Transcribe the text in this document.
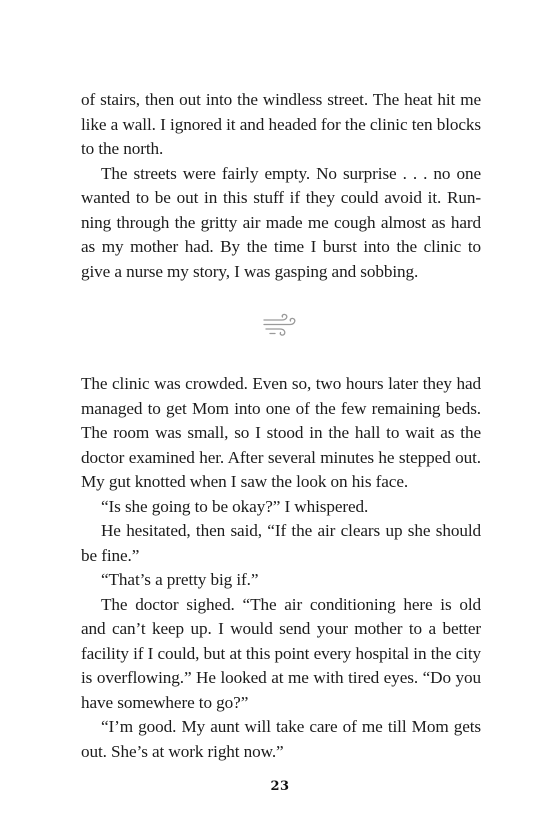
of stairs, then out into the windless street. The heat hit me
like a wall. I ignored it and headed for the clinic ten blocks
to the north.
The streets were fairly empty. No surprise . . . no one
wanted to be out in this stuff if they could avoid it. Run-
ning through the gritty air made me cough almost as hard
as my mother had. By the time I burst into the clinic to
give a nurse my story, I was gasping and sobbing.
The clinic was crowded. Even so, two hours later they had
managed to get Mom into one of the few remaining beds.
The room was small, so I stood in the hall to wait as the
doctor examined her. After several minutes he stepped out.
My gut knotted when I saw the look on his face.
“Is she going to be okay?” I whispered.
He hesitated, then said, “If the air clears up she should
be fine.”
“That’s a pretty big if.”
The doctor sighed. “The air conditioning here is old
and can’t keep up. I would send your mother to a better
facility if I could, but at this point every hospital in the city
is overflowing.” He looked at me with tired eyes. “Do you
have somewhere to go?”
“I’m good. My aunt will take care of me till Mom gets
out. She’s at work right now.”
23
